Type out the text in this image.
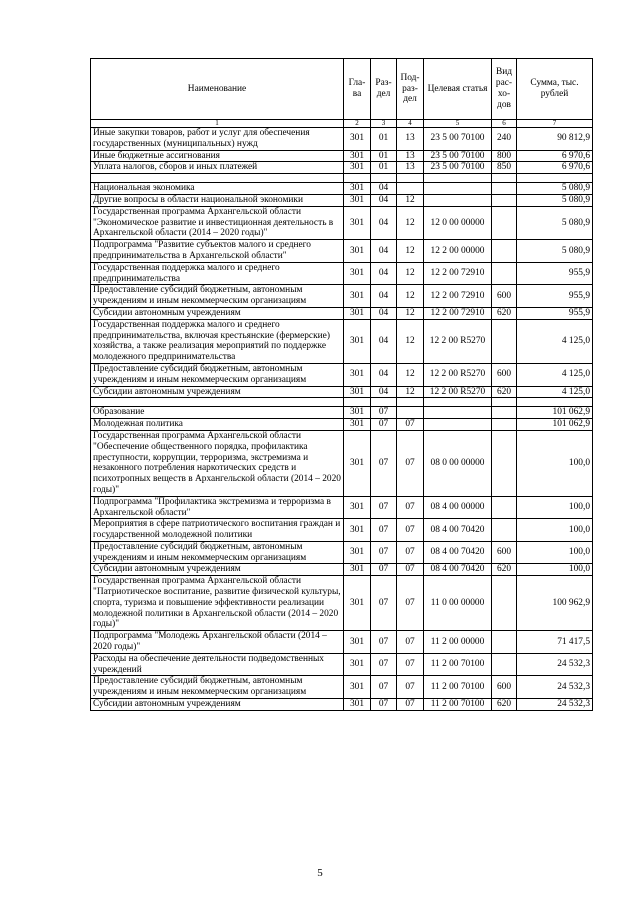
Наименование	Гла-ва	Раз-дел	Под-раз-дел	Целевая статья	Вид рас-хо-дов	Сумма, тыс. рублей
1	2	3	4	5	6	7
Иные закупки товаров, работ и услуг для обеспечения государственных (муниципальных) нужд	301	01	13	23 5 00 70100	240	90 812,9
Иные бюджетные ассигнования	301	01	13	23 5 00 70100	800	6 970,6
Уплата налогов, сборов и иных платежей	301	01	13	23 5 00 70100	850	6 970,6

Национальная экономика	301	04				5 080,9
Другие вопросы в области национальной экономики	301	04	12			5 080,9
Государственная программа Архангельской области "Экономическое развитие и инвестиционная деятельность в Архангельской области (2014 – 2020 годы)"	301	04	12	12 0 00 00000		5 080,9
Подпрограмма "Развитие субъектов малого и среднего предпринимательства в Архангельской области"	301	04	12	12 2 00 00000		5 080,9
Государственная поддержка малого и среднего предпринимательства	301	04	12	12 2 00 72910		955,9
Предоставление субсидий бюджетным, автономным учреждениям и иным некоммерческим организациям	301	04	12	12 2 00 72910	600	955,9
Субсидии автономным учреждениям	301	04	12	12 2 00 72910	620	955,9
Государственная поддержка малого и среднего предпринимательства, включая крестьянские (фермерские) хозяйства, а также реализация мероприятий по поддержке молодежного предпринимательства	301	04	12	12 2 00 R5270		4 125,0
Предоставление субсидий бюджетным, автономным учреждениям и иным некоммерческим организациям	301	04	12	12 2 00 R5270	600	4 125,0
Субсидии автономным учреждениям	301	04	12	12 2 00 R5270	620	4 125,0

Образование	301	07				101 062,9
Молодежная политика	301	07	07			101 062,9
Государственная программа Архангельской области "Обеспечение общественного порядка, профилактика преступности, коррупции, терроризма, экстремизма и незаконного потребления наркотических средств и психотропных веществ в Архангельской области (2014 – 2020 годы)"	301	07	07	08 0 00 00000		100,0
Подпрограмма "Профилактика экстремизма и терроризма в Архангельской области"	301	07	07	08 4 00 00000		100,0
Мероприятия в сфере патриотического воспитания граждан и государственной молодежной политики	301	07	07	08 4 00 70420		100,0
Предоставление субсидий бюджетным, автономным учреждениям и иным некоммерческим организациям	301	07	07	08 4 00 70420	600	100,0
Субсидии автономным учреждениям	301	07	07	08 4 00 70420	620	100,0
Государственная программа Архангельской области "Патриотическое воспитание, развитие физической культуры, спорта, туризма и повышение эффективности реализации молодежной политики в Архангельской области (2014 – 2020 годы)"	301	07	07	11 0 00 00000		100 962,9
Подпрограмма "Молодежь Архангельской области (2014 – 2020 годы)"	301	07	07	11 2 00 00000		71 417,5
Расходы на обеспечение деятельности подведомственных учреждений	301	07	07	11 2 00 70100		24 532,3
Предоставление субсидий бюджетным, автономным учреждениям и иным некоммерческим организациям	301	07	07	11 2 00 70100	600	24 532,3
Субсидии автономным учреждениям	301	07	07	11 2 00 70100	620	24 532,3
5
